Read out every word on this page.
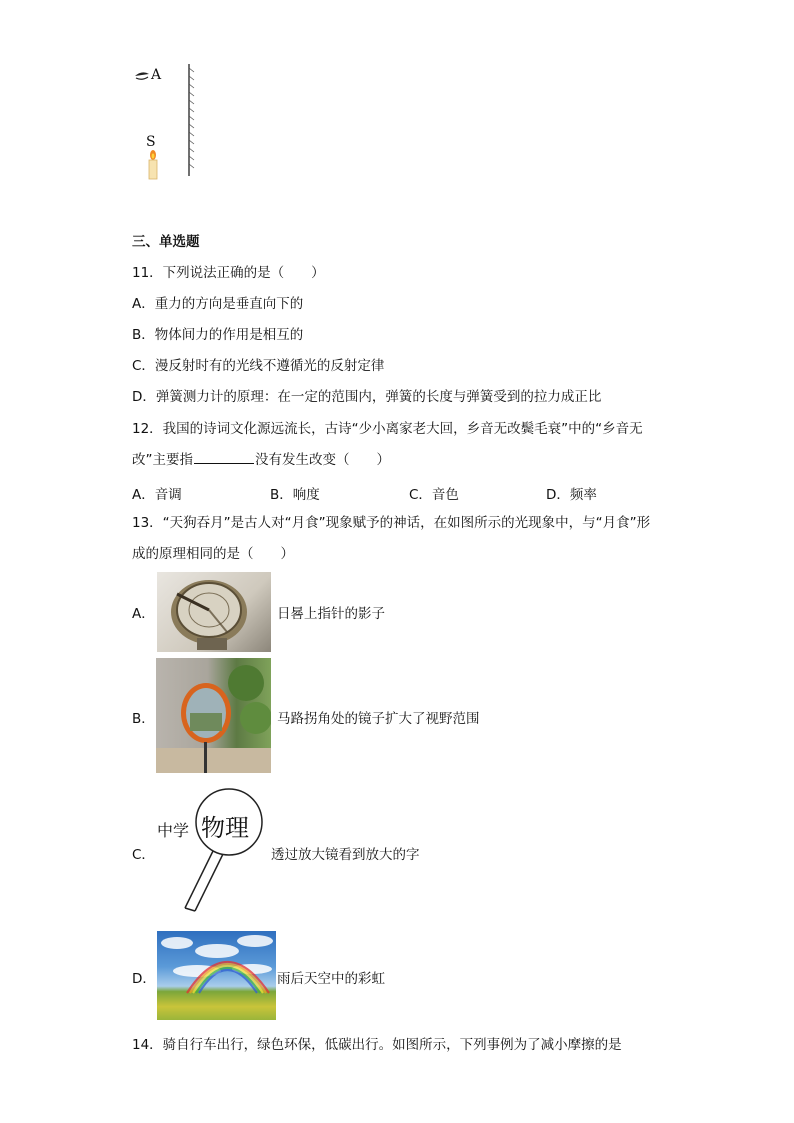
A
S
三、单选题
11．下列说法正确的是（　　）
A．重力的方向是垂直向下的
B．物体间力的作用是相互的
C．漫反射时有的光线不遵循光的反射定律
D．弹簧测力计的原理：在一定的范围内，弹簧的长度与弹簧受到的拉力成正比
12．我国的诗词文化源远流长，古诗“少小离家老大回，乡音无改鬓毛衰”中的“乡音无
改”主要指	没有发生改变（　　）
A．音调	B．响度	C．音色	D．频率
13．“天狗吞月”是古人对“月食”现象赋予的神话，在如图所示的光现象中，与“月食”形
成的原理相同的是（　　）
A．	日晷上指针的影子
B．	马路拐角处的镜子扩大了视野范围
C．
中学 物理
透过放大镜看到放大的字
D．	雨后天空中的彩虹
14．骑自行车出行，绿色环保，低碳出行。如图所示，下列事例为了减小摩擦的是
